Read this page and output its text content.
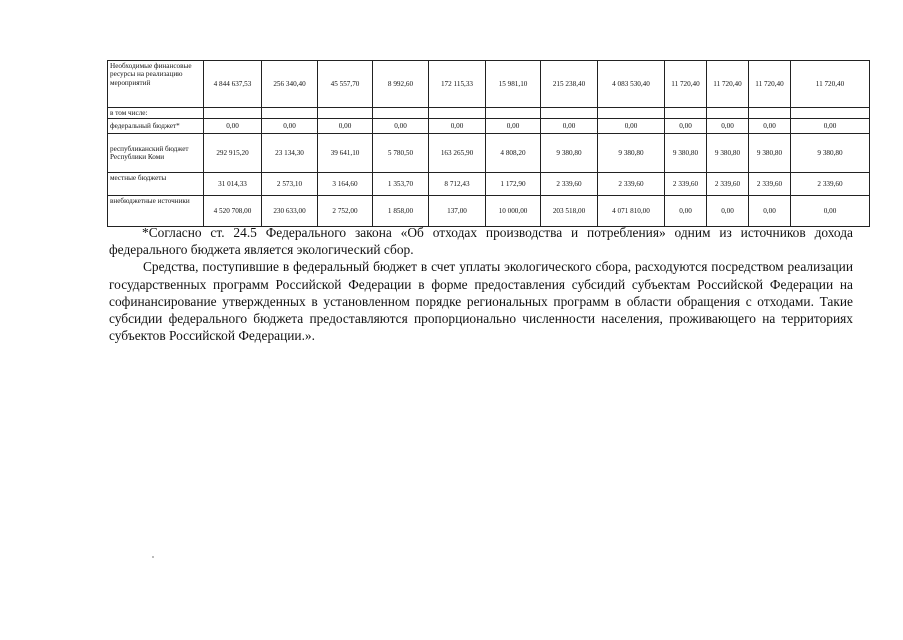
Необходимые финансовые ресурсы на реализацию мероприятий	4 844 637,53	256 340,40	45 557,70	8 992,60	172 115,33	15 981,10	215 238,40	4 083 530,40	11 720,40	11 720,40	11 720,40	11 720,40
в том числе:												
федеральный бюджет*	0,00	0,00	0,00	0,00	0,00	0,00	0,00	0,00	0,00	0,00	0,00	0,00
республиканский бюджет Республики Коми	292 915,20	23 134,30	39 641,10	5 780,50	163 265,90	4 808,20	9 380,80	9 380,80	9 380,80	9 380,80	9 380,80	9 380,80
местные бюджеты	31 014,33	2 573,10	3 164,60	1 353,70	8 712,43	1 172,90	2 339,60	2 339,60	2 339,60	2 339,60	2 339,60	2 339,60
внебюджетные источники	4 520 708,00	230 633,00	2 752,00	1 858,00	137,00	10 000,00	203 518,00	4 071 810,00	0,00	0,00	0,00	0,00

*Согласно ст. 24.5 Федерального закона «Об отходах производства и потребления» одним из источников дохода федерального бюджета является экологический сбор.

Средства, поступившие в федеральный бюджет в счет уплаты экологического сбора, расходуются посредством реализации государственных программ Российской Федерации в форме предоставления субсидий субъектам Российской Федерации на софинансирование утвержденных в установленном порядке региональных программ в области обращения с отходами. Такие субсидии федерального бюджета предоставляются пропорционально численности населения, проживающего на территориях субъектов Российской Федерации.».
